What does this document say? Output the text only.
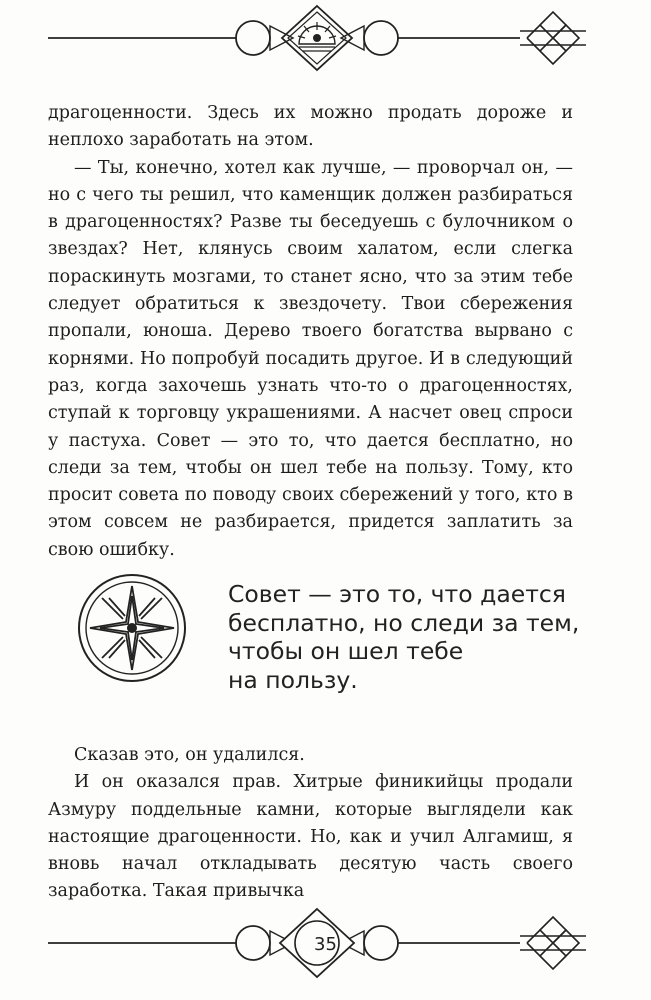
драгоценности. Здесь их можно продать дороже и неплохо заработать на этом.

— Ты, конечно, хотел как лучше, — проворчал он, — но с чего ты решил, что каменщик должен разбираться в драгоценностях? Разве ты беседуешь с булочником о звездах? Нет, клянусь своим халатом, если слегка пораскинуть мозгами, то станет ясно, что за этим тебе следует обратиться к звездочету. Твои сбережения пропали, юноша. Дерево твоего богатства вырвано с корнями. Но попробуй посадить другое. И в следующий раз, когда захочешь узнать что-то о драгоценностях, ступай к торговцу украшениями. А насчет овец спроси у пастуха. Совет — это то, что дается бесплатно, но следи за тем, чтобы он шел тебе на пользу. Тому, кто просит совета по поводу своих сбережений у того, кто в этом совсем не разбирается, придется заплатить за свою ошибку.

Совет — это то, что дается
бесплатно, но следи за тем,
чтобы он шел тебе
на пользу.

Сказав это, он удалился.

И он оказался прав. Хитрые финикийцы продали Азмуру поддельные камни, которые выглядели как настоящие драгоценности. Но, как и учил Алгамиш, я вновь начал откладывать десятую часть своего заработка. Такая привычка

35
